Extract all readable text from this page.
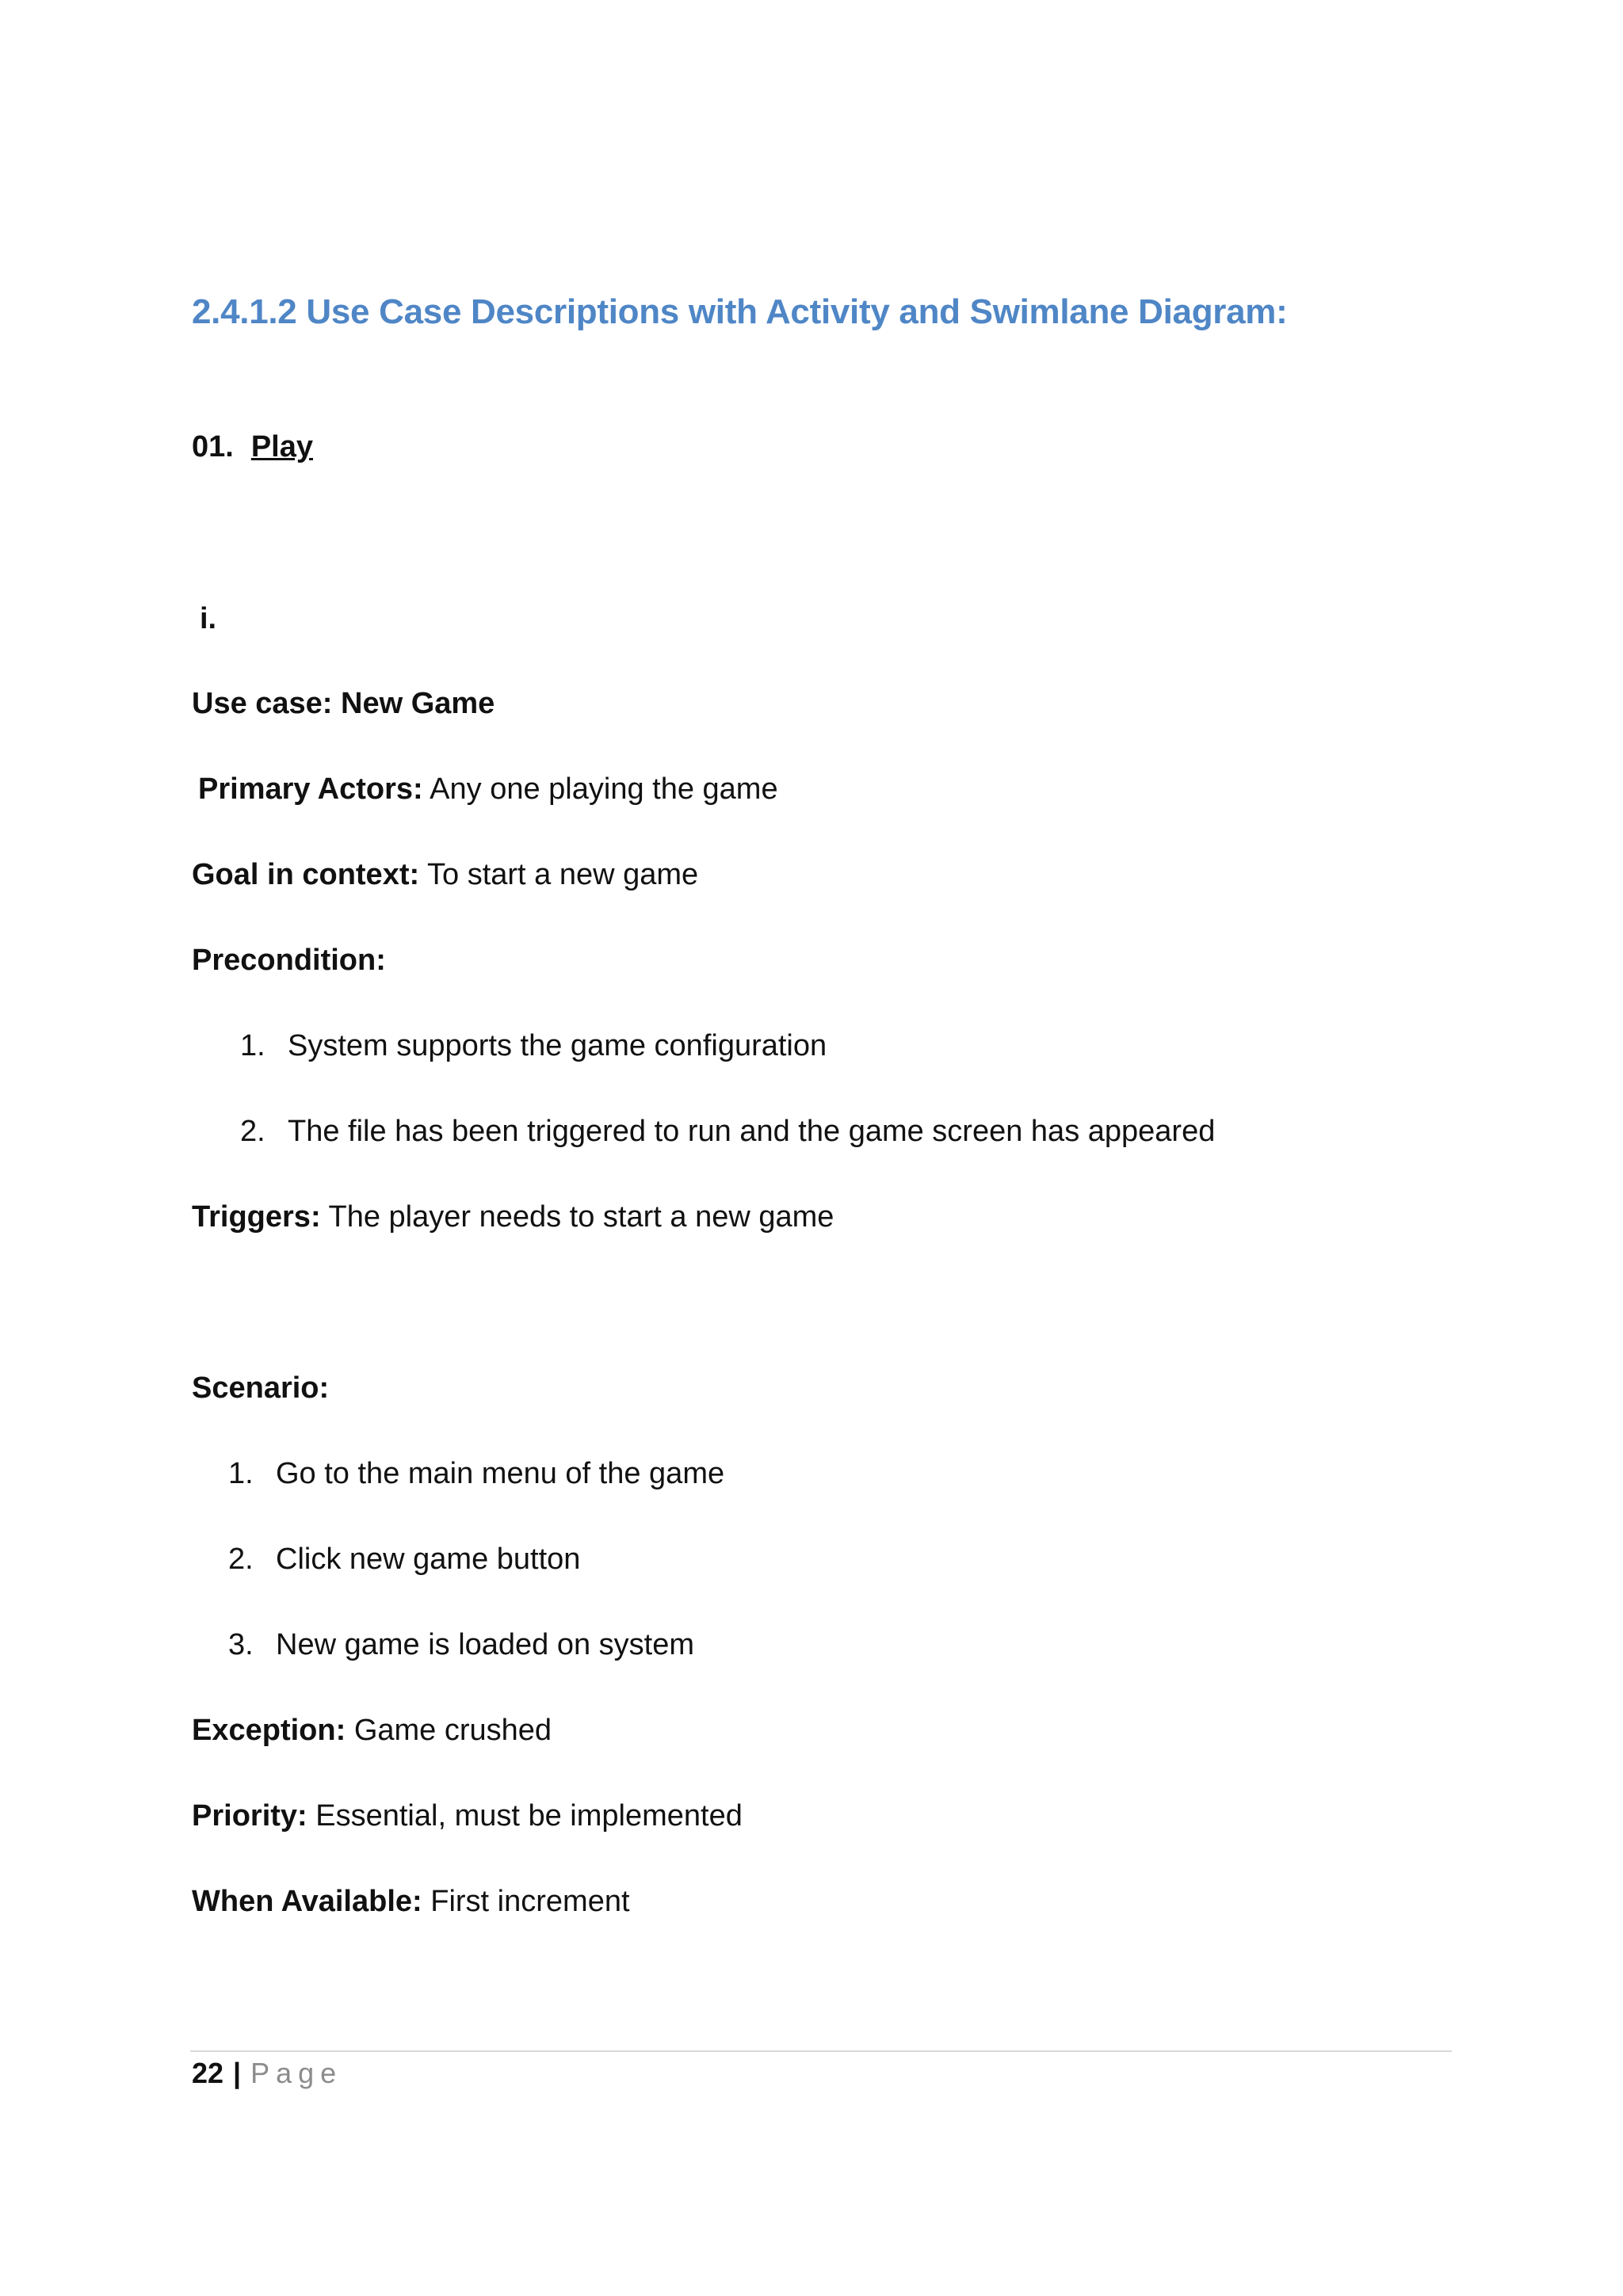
2.4.1.2 Use Case Descriptions with Activity and Swimlane Diagram:
01. Play
i.
Use case: New Game
Primary Actors: Any one playing the game
Goal in context: To start a new game
Precondition:
1. System supports the game configuration
2. The file has been triggered to run and the game screen has appeared
Triggers: The player needs to start a new game
Scenario:
1. Go to the main menu of the game
2. Click new game button
3. New game is loaded on system
Exception: Game crushed
Priority: Essential, must be implemented
When Available: First increment
22 | Page
